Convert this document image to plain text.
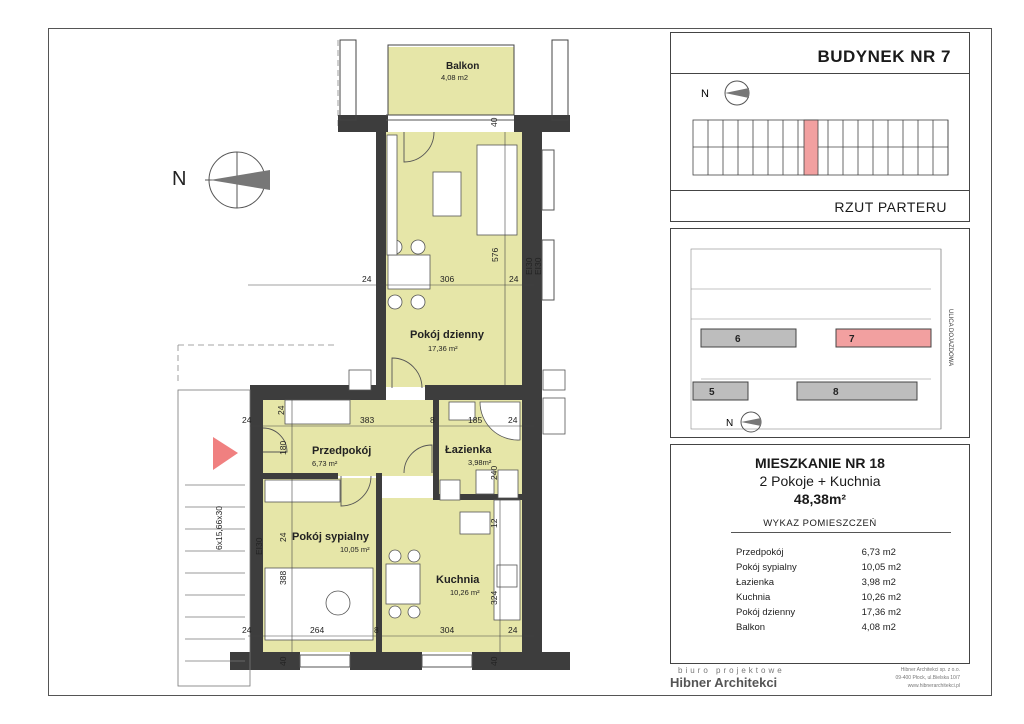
N
Balkon
4,08 m2
Pokój dzienny
17,36 m²
Przedpokój
6,73 m²
Łazienka
3,98m²
Pokój sypialny
10,05 m²
Kuchnia
10,26 m²
24	306	24
576
24	383	8	185	24
24
180
240
12
388
324
24	264	8	304	24
40	40
40
24
EI30 EI30
EI30
6x15,66x30
BUDYNEK NR 7
N
RZUT PARTERU
6	7
5	8
ULICA DOJAZDOWA
N
MIESZKANIE NR 18
2 Pokoje + Kuchnia
48,38m²
WYKAZ POMIESZCZEŃ
Przedpokój	6,73 m2
Pokój sypialny	10,05 m2
Łazienka	3,98 m2
Kuchnia	10,26 m2
Pokój dzienny	17,36 m2
Balkon	4,08 m2
biuro projektowe
Hibner Architekci
Hibner Architekci sp. z o.o.
09-400 Płock, ul.Bielska 10/7
www.hibnerarchitekci.pl
